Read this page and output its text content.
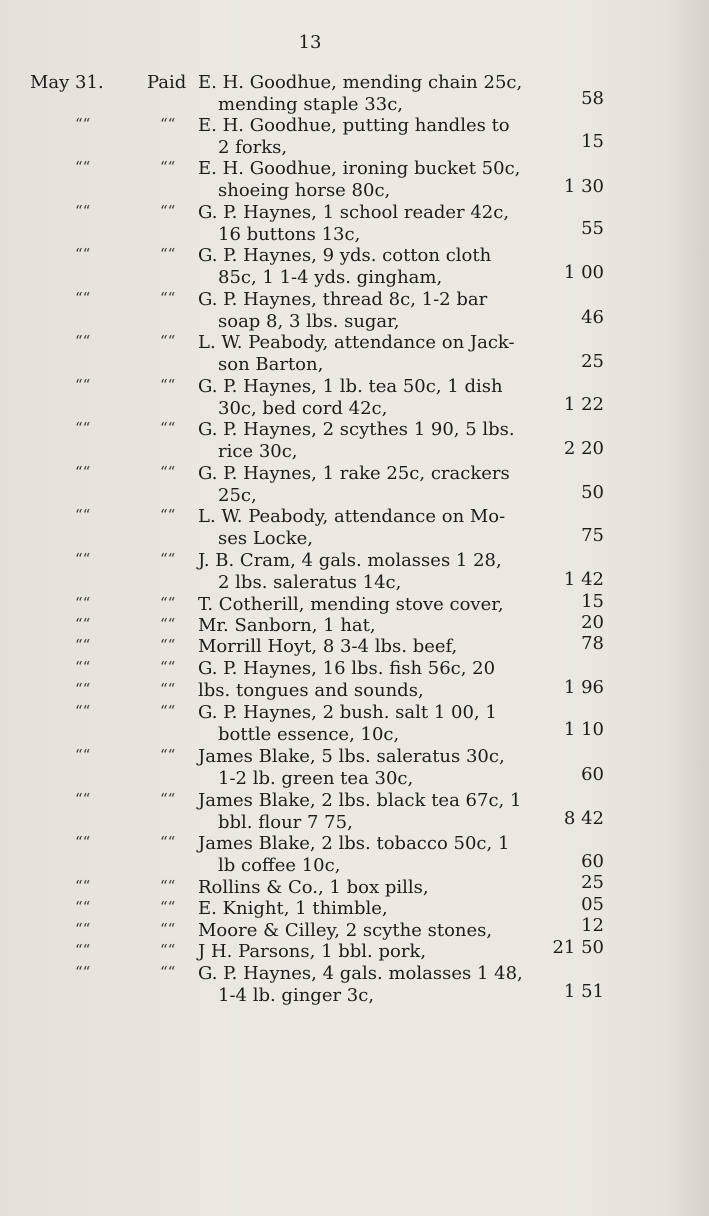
13
May 31. Paid E. H. Goodhue, mending chain 25c,
mending staple 33c,	58
““	““ E. H. Goodhue, putting handles to
2 forks,	15
““	““ E. H. Goodhue, ironing bucket 50c,
shoeing horse 80c,	1 30
““	““ G. P. Haynes, 1 school reader 42c,
16 buttons 13c,	55
““	““ G. P. Haynes, 9 yds. cotton cloth
85c, 1 1-4 yds. gingham,	1 00
““	““ G. P. Haynes, thread 8c, 1-2 bar
soap 8, 3 lbs. sugar,	46
““	““ L. W. Peabody, attendance on Jack-
son Barton,	25
““	““ G. P. Haynes, 1 lb. tea 50c, 1 dish
30c, bed cord 42c,	1 22
““	““ G. P. Haynes, 2 scythes 1 90, 5 lbs.
rice 30c,	2 20
““	““ G. P. Haynes, 1 rake 25c, crackers
25c,	50
““	““ L. W. Peabody, attendance on Mo-
ses Locke,	75
““	““ J. B. Cram, 4 gals. molasses 1 28,
2 lbs. saleratus 14c,	1 42
““	““ T. Cotherill, mending stove cover,	15
““	““ Mr. Sanborn, 1 hat,	20
““	““ Morrill Hoyt, 8 3-4 lbs. beef,	78
““	““ G. P. Haynes, 16 lbs. fish 56c, 20
““	““ lbs. tongues and sounds,	1 96
““	““ G. P. Haynes, 2 bush. salt 1 00, 1
bottle essence, 10c,	1 10
““	““ James Blake, 5 lbs. saleratus 30c,
1-2 lb. green tea 30c,	60
““	““ James Blake, 2 lbs. black tea 67c, 1
bbl. flour 7 75,	8 42
““	““ James Blake, 2 lbs. tobacco 50c, 1
lb coffee 10c,	60
““	““ Rollins & Co., 1 box pills,	25
““	““ E. Knight, 1 thimble,	05
““	““ Moore & Cilley, 2 scythe stones,	12
““	““ J H. Parsons, 1 bbl. pork,	21 50
““	““ G. P. Haynes, 4 gals. molasses 1 48,
1-4 lb. ginger 3c,	1 51
